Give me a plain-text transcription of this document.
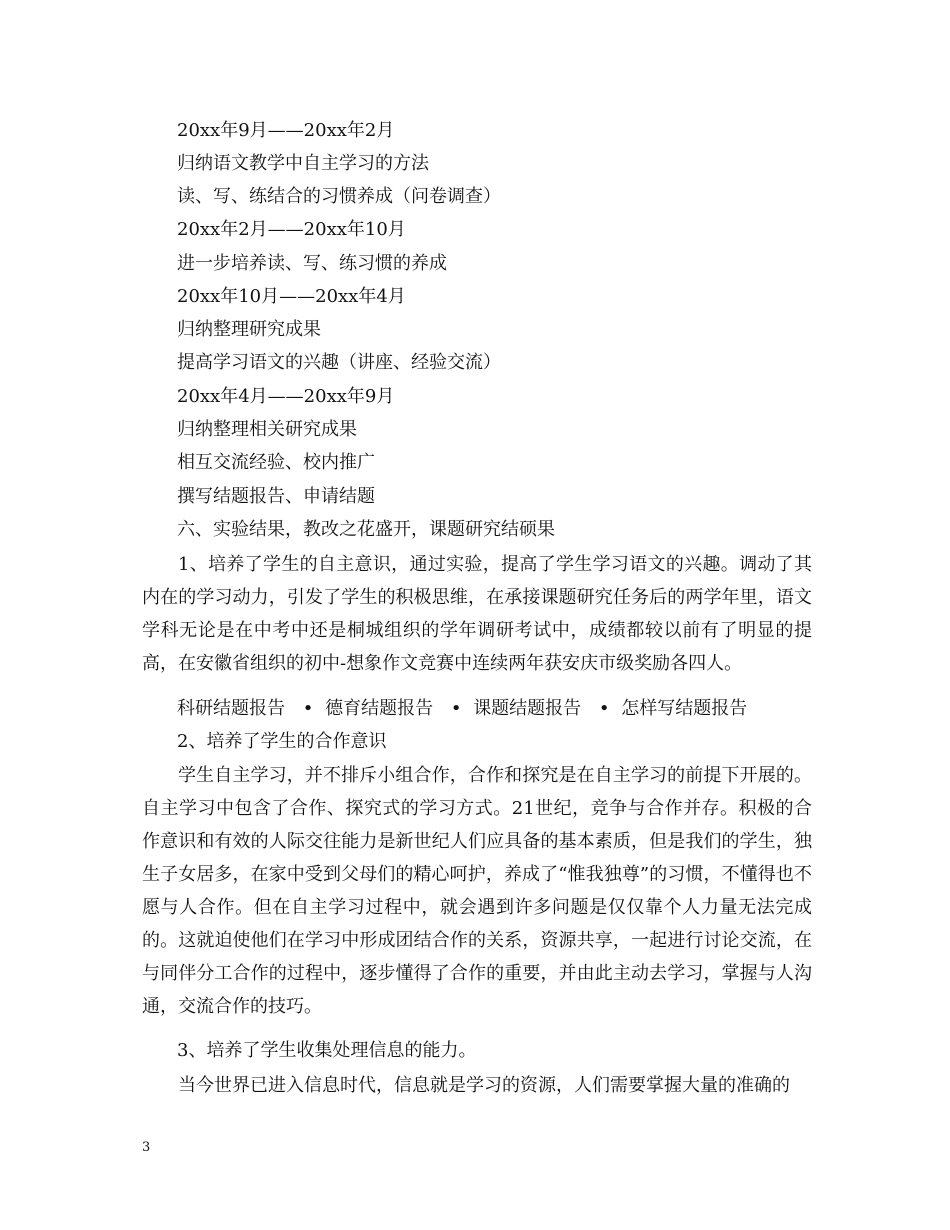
20xx年9月——20xx年2月
归纳语文教学中自主学习的方法
读、写、练结合的习惯养成（问卷调查）
20xx年2月——20xx年10月
进一步培养读、写、练习惯的养成
20xx年10月——20xx年4月
归纳整理研究成果
提高学习语文的兴趣（讲座、经验交流）
20xx年4月——20xx年9月
归纳整理相关研究成果
相互交流经验、校内推广
撰写结题报告、申请结题
六、实验结果，教改之花盛开，课题研究结硕果

1、培养了学生的自主意识，通过实验，提高了学生学习语文的兴趣。调动了其内在的学习动力，引发了学生的积极思维，在承接课题研究任务后的两学年里，语文学科无论是在中考中还是桐城组织的学年调研考试中，成绩都较以前有了明显的提高，在安徽省组织的初中-想象作文竞赛中连续两年获安庆市级奖励各四人。

科研结题报告 • 德育结题报告 • 课题结题报告 • 怎样写结题报告
2、培养了学生的合作意识

学生自主学习，并不排斥小组合作，合作和探究是在自主学习的前提下开展的。自主学习中包含了合作、探究式的学习方式。21世纪，竞争与合作并存。积极的合作意识和有效的人际交往能力是新世纪人们应具备的基本素质，但是我们的学生，独生子女居多，在家中受到父母们的精心呵护，养成了“惟我独尊”的习惯，不懂得也不愿与人合作。但在自主学习过程中，就会遇到许多问题是仅仅靠个人力量无法完成的。这就迫使他们在学习中形成团结合作的关系，资源共享，一起进行讨论交流，在与同伴分工合作的过程中，逐步懂得了合作的重要，并由此主动去学习，掌握与人沟通，交流合作的技巧。

3、培养了学生收集处理信息的能力。

当今世界已进入信息时代，信息就是学习的资源，人们需要掌握大量的准确的

3
